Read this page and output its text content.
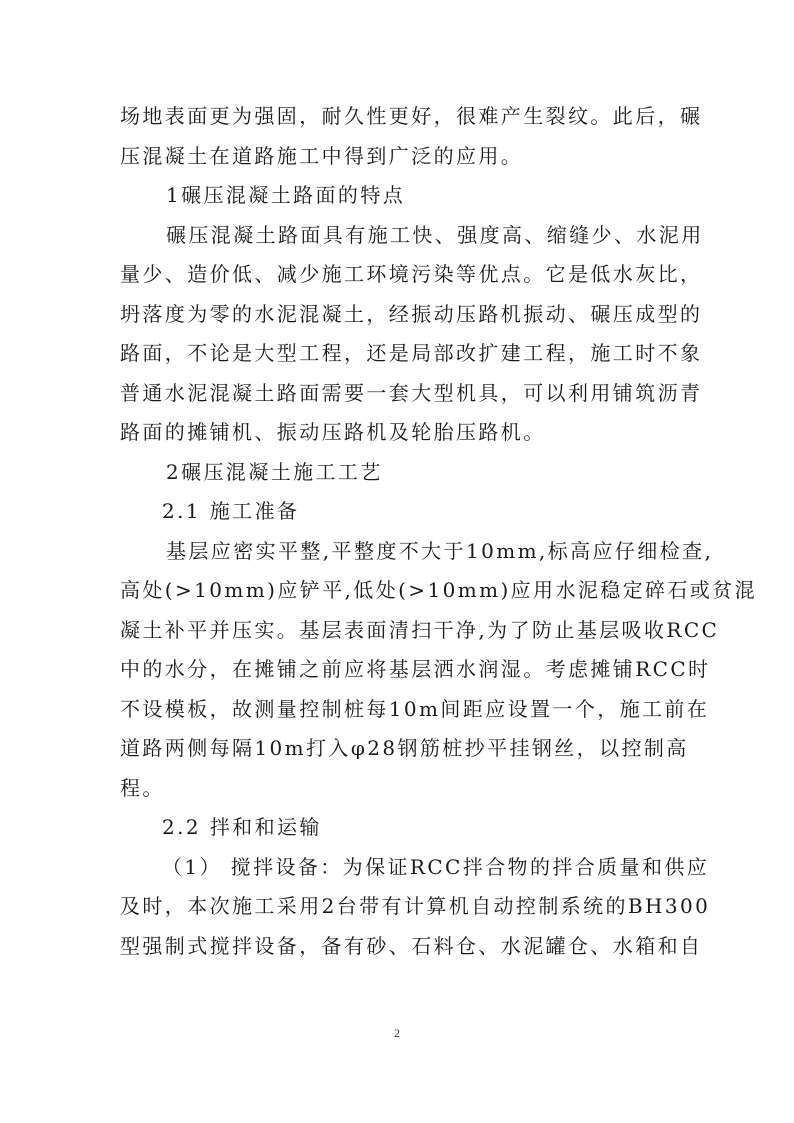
场地表面更为强固，耐久性更好，很难产生裂纹。此后，碾
压混凝土在道路施工中得到广泛的应用。
1碾压混凝土路面的特点
碾压混凝土路面具有施工快、强度高、缩缝少、水泥用
量少、造价低、减少施工环境污染等优点。它是低水灰比，
坍落度为零的水泥混凝土，经振动压路机振动、碾压成型的
路面，不论是大型工程，还是局部改扩建工程，施工时不象
普通水泥混凝土路面需要一套大型机具，可以利用铺筑沥青
路面的摊铺机、振动压路机及轮胎压路机。
2碾压混凝土施工工艺
2.1 施工准备
基层应密实平整,平整度不大于10mm,标高应仔细检查,
高处(>10mm)应铲平,低处(>10mm)应用水泥稳定碎石或贫混
凝土补平并压实。基层表面清扫干净,为了防止基层吸收RCC
中的水分，在摊铺之前应将基层洒水润湿。考虑摊铺RCC时
不设模板，故测量控制桩每10m间距应设置一个，施工前在
道路两侧每隔10m打入φ28钢筋桩抄平挂钢丝，以控制高
程。
2.2 拌和和运输
（1） 搅拌设备：为保证RCC拌合物的拌合质量和供应
及时，本次施工采用2台带有计算机自动控制系统的BH300
型强制式搅拌设备，备有砂、石料仓、水泥罐仓、水箱和自
2
